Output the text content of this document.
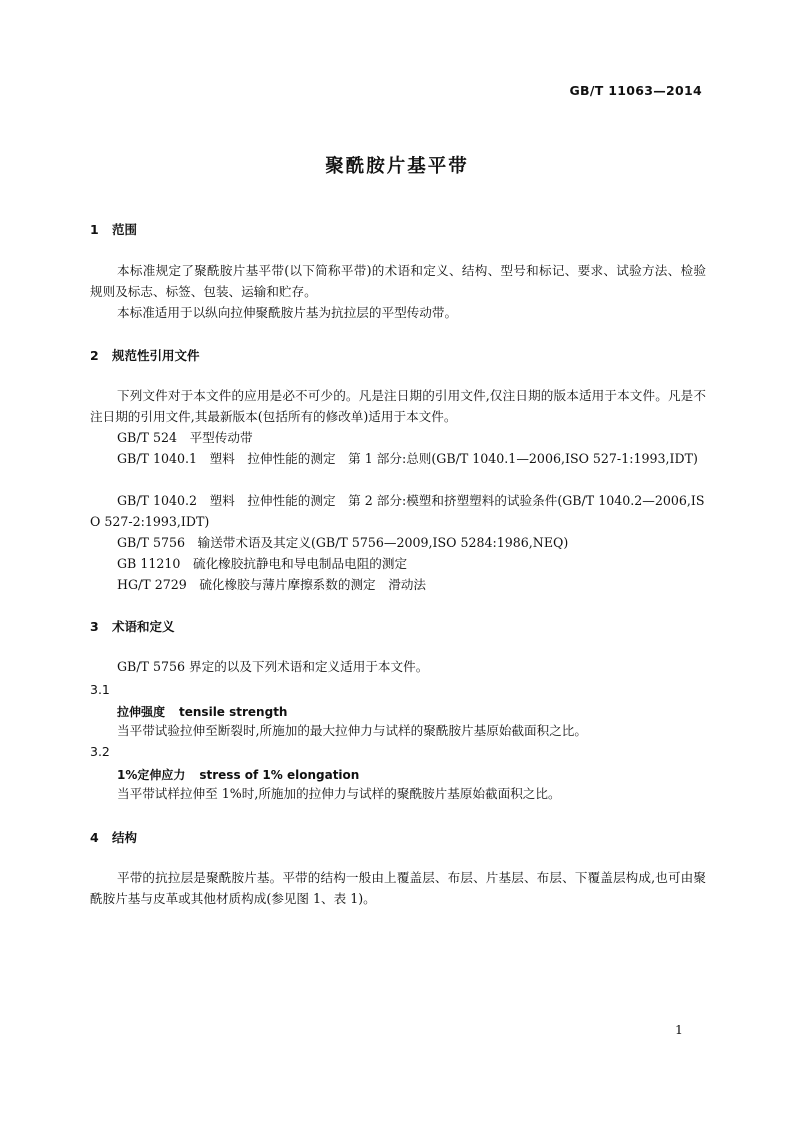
GB/T 11063—2014
聚酰胺片基平带
1 范围
本标准规定了聚酰胺片基平带(以下简称平带)的术语和定义、结构、型号和标记、要求、试验方法、检验规则及标志、标签、包装、运输和贮存。
本标准适用于以纵向拉伸聚酰胺片基为抗拉层的平型传动带。
2 规范性引用文件
下列文件对于本文件的应用是必不可少的。凡是注日期的引用文件,仅注日期的版本适用于本文件。凡是不注日期的引用文件,其最新版本(包括所有的修改单)适用于本文件。
GB/T 524　平型传动带
GB/T 1040.1　塑料　拉伸性能的测定　第 1 部分:总则(GB/T 1040.1—2006,ISO 527-1:1993,IDT)
GB/T 1040.2　塑料　拉伸性能的测定　第 2 部分:模塑和挤塑塑料的试验条件(GB/T 1040.2—2006,ISO 527-2:1993,IDT)
GB/T 5756　输送带术语及其定义(GB/T 5756—2009,ISO 5284:1986,NEQ)
GB 11210　硫化橡胶抗静电和导电制品电阻的测定
HG/T 2729　硫化橡胶与薄片摩擦系数的测定　滑动法
3 术语和定义
GB/T 5756 界定的以及下列术语和定义适用于本文件。
3.1
拉伸强度 tensile strength
当平带试验拉伸至断裂时,所施加的最大拉伸力与试样的聚酰胺片基原始截面积之比。
3.2
1%定伸应力 stress of 1% elongation
当平带试样拉伸至 1%时,所施加的拉伸力与试样的聚酰胺片基原始截面积之比。
4 结构
平带的抗拉层是聚酰胺片基。平带的结构一般由上覆盖层、布层、片基层、布层、下覆盖层构成,也可由聚酰胺片基与皮革或其他材质构成(参见图 1、表 1)。
1
